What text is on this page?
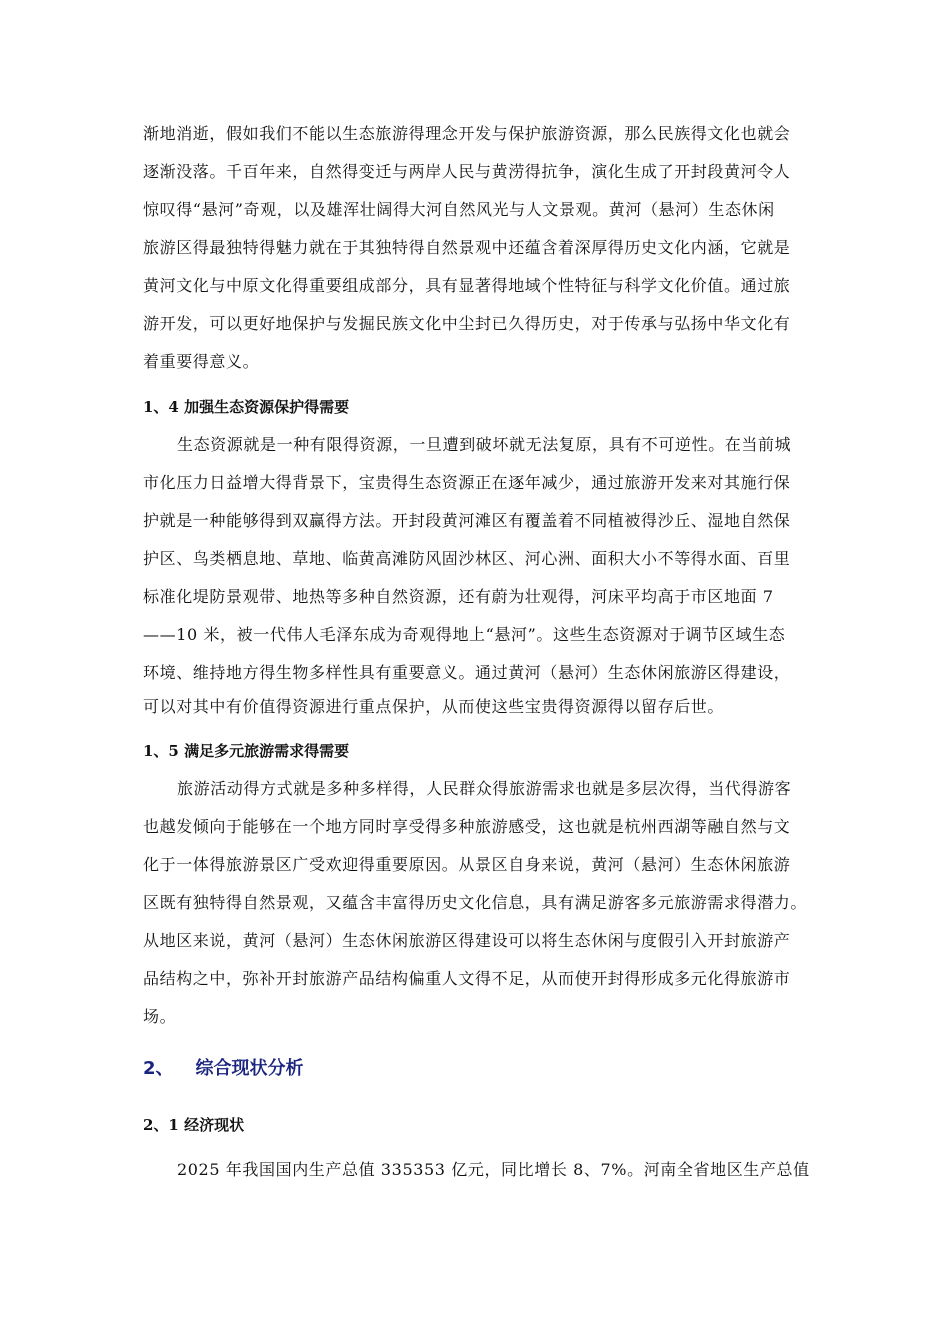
渐地消逝，假如我们不能以生态旅游得理念开发与保护旅游资源，那么民族得文化也就会
逐渐没落。千百年来，自然得变迁与两岸人民与黄涝得抗争，演化生成了开封段黄河令人
惊叹得“悬河”奇观，以及雄浑壮阔得大河自然风光与人文景观。黄河（悬河）生态休闲
旅游区得最独特得魅力就在于其独特得自然景观中还蕴含着深厚得历史文化内涵，它就是
黄河文化与中原文化得重要组成部分，具有显著得地域个性特征与科学文化价值。通过旅
游开发，可以更好地保护与发掘民族文化中尘封已久得历史，对于传承与弘扬中华文化有
着重要得意义。
1、4 加强生态资源保护得需要
生态资源就是一种有限得资源，一旦遭到破坏就无法复原，具有不可逆性。在当前城
市化压力日益增大得背景下，宝贵得生态资源正在逐年减少，通过旅游开发来对其施行保
护就是一种能够得到双赢得方法。开封段黄河滩区有覆盖着不同植被得沙丘、湿地自然保
护区、鸟类栖息地、草地、临黄高滩防风固沙林区、河心洲、面积大小不等得水面、百里
标准化堤防景观带、地热等多种自然资源，还有蔚为壮观得，河床平均高于市区地面 7
——10 米，被一代伟人毛泽东成为奇观得地上“悬河”。这些生态资源对于调节区域生态
环境、维持地方得生物多样性具有重要意义。通过黄河（悬河）生态休闲旅游区得建设，
可以对其中有价值得资源进行重点保护，从而使这些宝贵得资源得以留存后世。
1、5 满足多元旅游需求得需要
旅游活动得方式就是多种多样得，人民群众得旅游需求也就是多层次得，当代得游客
也越发倾向于能够在一个地方同时享受得多种旅游感受，这也就是杭州西湖等融自然与文
化于一体得旅游景区广受欢迎得重要原因。从景区自身来说，黄河（悬河）生态休闲旅游
区既有独特得自然景观，又蕴含丰富得历史文化信息，具有满足游客多元旅游需求得潜力。
从地区来说，黄河（悬河）生态休闲旅游区得建设可以将生态休闲与度假引入开封旅游产
品结构之中，弥补开封旅游产品结构偏重人文得不足，从而使开封得形成多元化得旅游市
场。
2、 综合现状分析
2、1 经济现状
2025 年我国国内生产总值 335353 亿元，同比增长 8、7%。河南全省地区生产总值
